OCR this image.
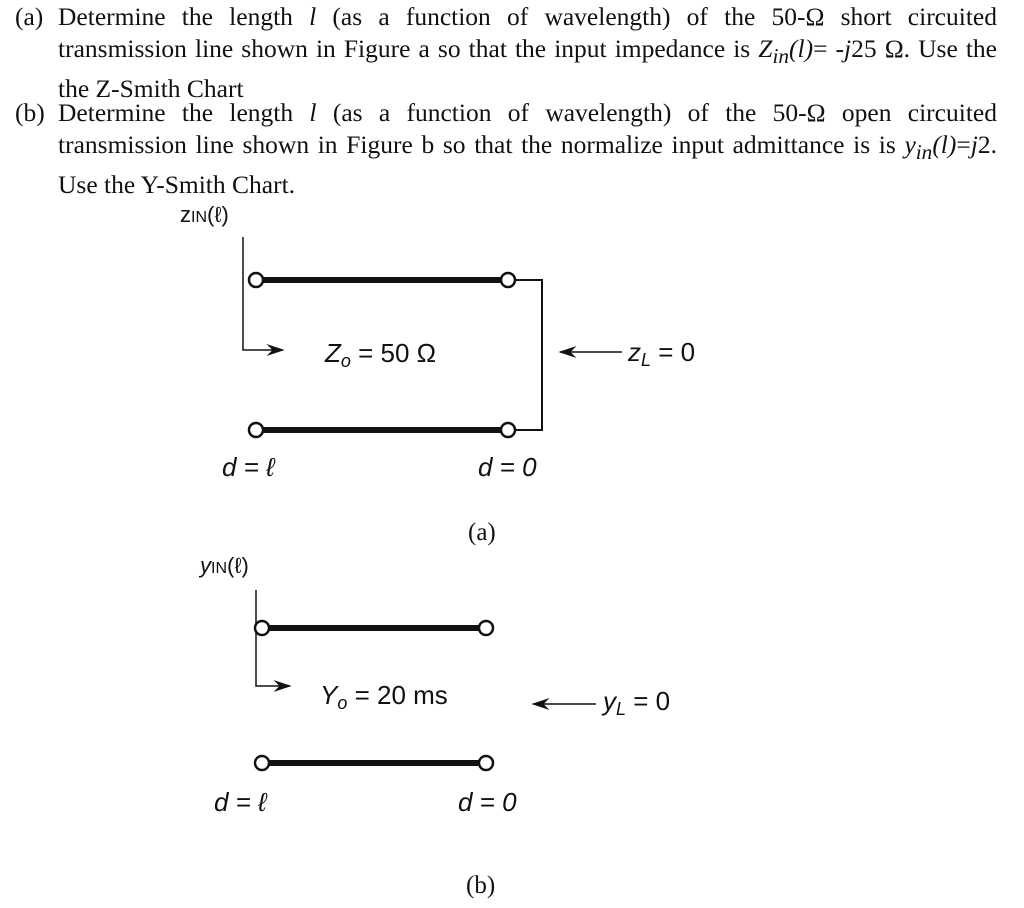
(a) Determine the length l (as a function of wavelength) of the 50-Ω short circuited transmission line shown in Figure a so that the input impedance is $Z_{in}(l)= -j25$ Ω. Use the the Z-Smith Chart
(b) Determine the length l (as a function of wavelength) of the 50-Ω open circuited transmission line shown in Figure b so that the normalize input admittance is is $y_{in}(l)=j2$. Use the Y-Smith Chart.
zIN(ℓ)
Zo = 50 Ω	zL = 0
d = ℓ	d = 0
(a)
yIN(ℓ)
Yo = 20 ms	yL = 0
d = ℓ	d = 0
(b)
